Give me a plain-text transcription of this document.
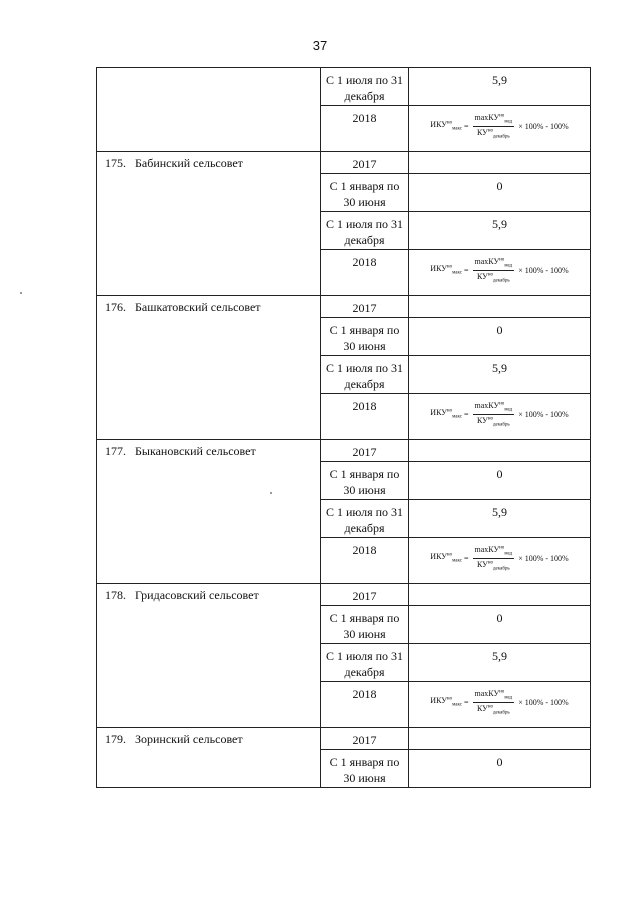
37
	С 1 июля по 31 декабря	5,9
	2018	$ИКУ^{но}_{макс} = \frac{\max КУ^{но}_{мед}}{КУ^{но}_{декабрь}} \times 100\% - 100\%$

175. Бабинский сельсовет	2017	
	С 1 января по 30 июня	0
	С 1 июля по 31 декабря	5,9
	2018	$ИКУ^{но}_{макс} = \frac{\max КУ^{но}_{мед}}{КУ^{но}_{декабрь}} \times 100\% - 100\%$

176. Башкатовский сельсовет	2017	
	С 1 января по 30 июня	0
	С 1 июля по 31 декабря	5,9
	2018	$ИКУ^{но}_{макс} = \frac{\max КУ^{но}_{мед}}{КУ^{но}_{декабрь}} \times 100\% - 100\%$

177. Быкановский сельсовет	2017	
	С 1 января по 30 июня	0
	С 1 июля по 31 декабря	5,9
	2018	$ИКУ^{но}_{макс} = \frac{\max КУ^{но}_{мед}}{КУ^{но}_{декабрь}} \times 100\% - 100\%$

178. Гридасовский сельсовет	2017	
	С 1 января по 30 июня	0
	С 1 июля по 31 декабря	5,9
	2018	$ИКУ^{но}_{макс} = \frac{\max КУ^{но}_{мед}}{КУ^{но}_{декабрь}} \times 100\% - 100\%$

179. Зоринский сельсовет	2017	
	С 1 января по 30 июня	0
